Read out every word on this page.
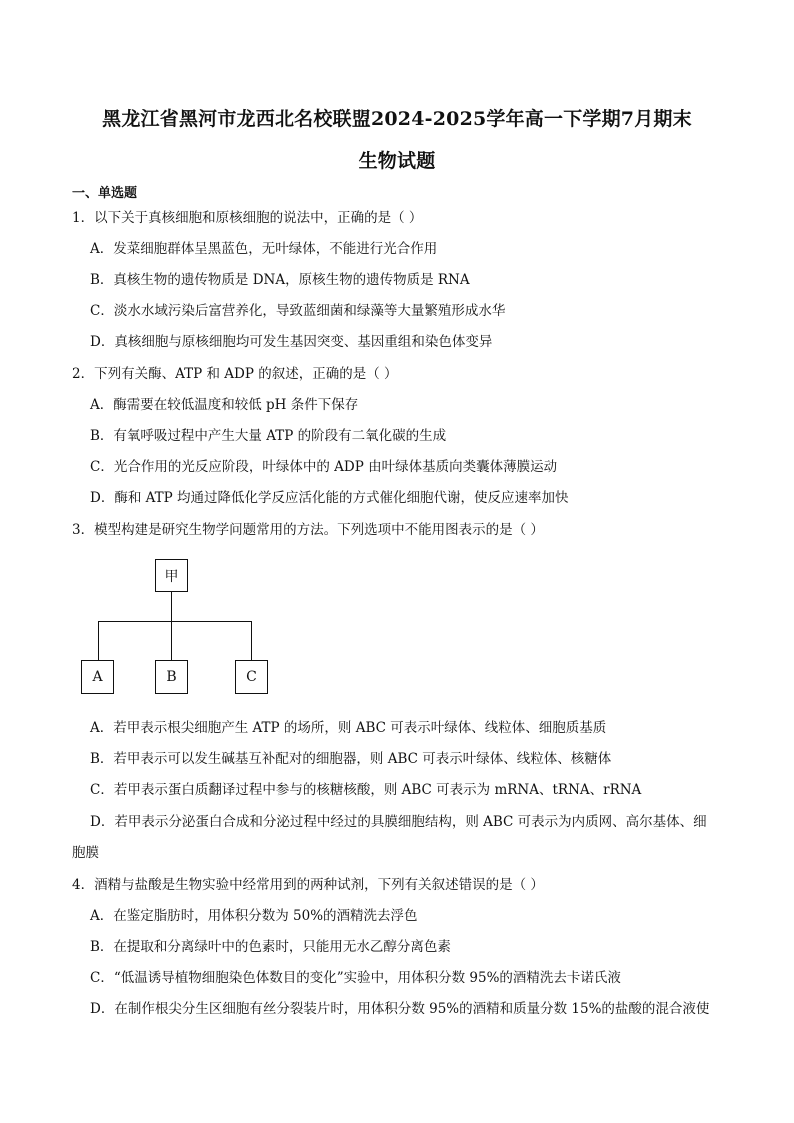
黑龙江省黑河市龙西北名校联盟2024-2025学年高一下学期7月期末
生物试题
一、单选题
1．以下关于真核细胞和原核细胞的说法中，正确的是（ ）
A．发菜细胞群体呈黑蓝色，无叶绿体，不能进行光合作用
B．真核生物的遗传物质是 DNA，原核生物的遗传物质是 RNA
C．淡水水域污染后富营养化，导致蓝细菌和绿藻等大量繁殖形成水华
D．真核细胞与原核细胞均可发生基因突变、基因重组和染色体变异
2．下列有关酶、ATP 和 ADP 的叙述，正确的是（ ）
A．酶需要在较低温度和较低 pH 条件下保存
B．有氧呼吸过程中产生大量 ATP 的阶段有二氧化碳的生成
C．光合作用的光反应阶段，叶绿体中的 ADP 由叶绿体基质向类囊体薄膜运动
D．酶和 ATP 均通过降低化学反应活化能的方式催化细胞代谢，使反应速率加快
3．模型构建是研究生物学问题常用的方法。下列选项中不能用图表示的是（ ）
甲
A	B	C
A．若甲表示根尖细胞产生 ATP 的场所，则 ABC 可表示叶绿体、线粒体、细胞质基质
B．若甲表示可以发生碱基互补配对的细胞器，则 ABC 可表示叶绿体、线粒体、核糖体
C．若甲表示蛋白质翻译过程中参与的核糖核酸，则 ABC 可表示为 mRNA、tRNA、rRNA
D．若甲表示分泌蛋白合成和分泌过程中经过的具膜细胞结构，则 ABC 可表示为内质网、高尔基体、细
胞膜
4．酒精与盐酸是生物实验中经常用到的两种试剂，下列有关叙述错误的是（ ）
A．在鉴定脂肪时，用体积分数为 50%的酒精洗去浮色
B．在提取和分离绿叶中的色素时，只能用无水乙醇分离色素
C．“低温诱导植物细胞染色体数目的变化”实验中，用体积分数 95%的酒精洗去卡诺氏液
D．在制作根尖分生区细胞有丝分裂装片时，用体积分数 95%的酒精和质量分数 15%的盐酸的混合液使
